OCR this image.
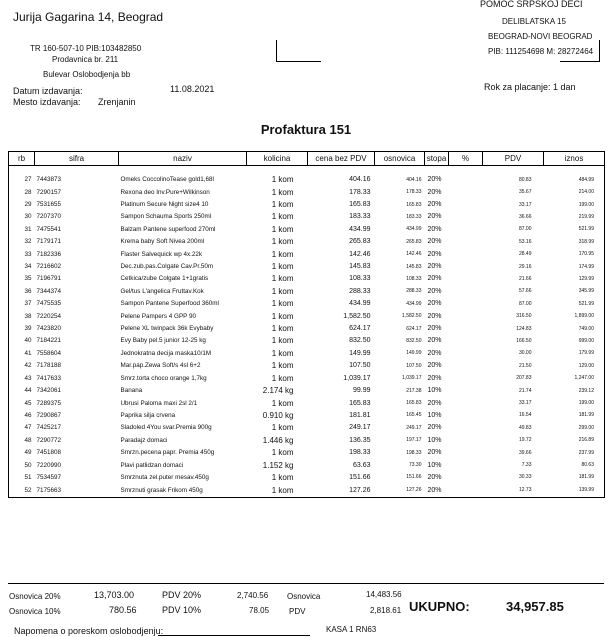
Jurija Gagarina 14, Beograd
TR 160-507-10 PIB:103482850
Prodavnica br. 211
Bulevar Oslobodjenja bb
POMOC SRPSKOJ DECI
DELIBLATSKA 15
BEOGRAD-NOVI BEOGRAD
PIB: 111254698 M: 28272464
Datum izdavanja:	11.08.2021
Mesto izdavanja: Zrenjanin
Rok za placanje: 1 dan
Profaktura 151
rb	sifra	naziv	kolicina	cena bez PDV	osnovica	stopa	%	PDV	iznos

27	7443873	Omeks CoccolinoTease gold1,68l	1 kom	404.16	404.16	20%		80.83	484.99
28	7290157	Rexona deo Inv.Pure+Wilkinson	1 kom	178.33	178.33	20%		35.67	214.00
29	7531655	Platinum Secure Night size4 10	1 kom	165.83	165.83	20%		33.17	199.00
30	7207370	Sampon Schauma Sports 250ml	1 kom	183.33	183.33	20%		36.66	219.99
31	7475541	Balzam Pantene superfood 270ml	1 kom	434.99	434.99	20%		87.00	521.99
32	7179171	Krema baby Soft Nivea 200ml	1 kom	265.83	265.83	20%		53.16	318.99
33	7182336	Flaster Salvequick wp 4x.22k	1 kom	142.46	142.46	20%		28.49	170.95
34	7216602	Dec.zub.pas.Colgate Cav.Pr.50m	1 kom	145.83	145.83	20%		29.16	174.99
35	7196791	Cetkica/zube Colgate 1+1gratis	1 kom	108.33	108.33	20%		21.66	129.99
36	7344374	Gel/tus L'angelica Fruttav.Kok	1 kom	288.33	288.33	20%		57.66	345.99
37	7475535	Sampon Pantene Superfood 360ml	1 kom	434.99	434.99	20%		87.00	521.99
38	7220254	Pelene Pampers 4 GPP 90	1 kom	1,582.50	1,582.50	20%		316.50	1,899.00
39	7423820	Pelene XL twinpack 36k Evybaby	1 kom	624.17	624.17	20%		124.83	749.00
40	7184221	Evy Baby pel.5 junior 12-25 kg	1 kom	832.50	832.50	20%		166.50	999.00
41	7558604	Jednokratna decija maska10/1M	1 kom	149.99	149.99	20%		30.00	179.99
42	7178188	Mar.pap.Zewa Soft/s 4sl 6+2	1 kom	107.50	107.50	20%		21.50	129.00
43	7417633	Smrz.torta choco orange 1,7kg	1 kom	1,039.17	1,039.17	20%		207.83	1,247.00
44	7342061	Banana	2.174 kg	99.99	217.38	10%		21.74	239.12
45	7289375	Ubrusi Paloma maxi 2sl 2/1	1 kom	165.83	165.83	20%		33.17	199.00
46	7290867	Paprika silja crvena	0.910 kg	181.81	165.45	10%		16.54	181.99
47	7425217	Sladoled 4You svar.Premia 900g	1 kom	249.17	249.17	20%		49.83	299.00
48	7290772	Paradajz domaci	1.446 kg	136.35	197.17	10%		19.72	216.89
49	7451808	Smrzn.pecena papr. Premia 450g	1 kom	198.33	198.33	20%		39.66	237.99
50	7220990	Plavi patlidzan domaci	1.152 kg	63.63	73.30	10%		7.33	80.63
51	7534597	Smrznuta zel.puter mesav.450g	1 kom	151.66	151.66	20%		30.33	181.99
52	7175663	Smrznuti grasak Frikom 450g	1 kom	127.26	127.26	20%		12.73	139.99
Osnovica 20%	13,703.00	PDV 20%	2,740.56 Osnovica	14,483.56
Osnovica 10%	780.56	PDV 10%	78.05 PDV	2,818.61 UKUPNO:	34,957.85
Napomena o poreskom oslobodjenju:	KASA 1 RN63
